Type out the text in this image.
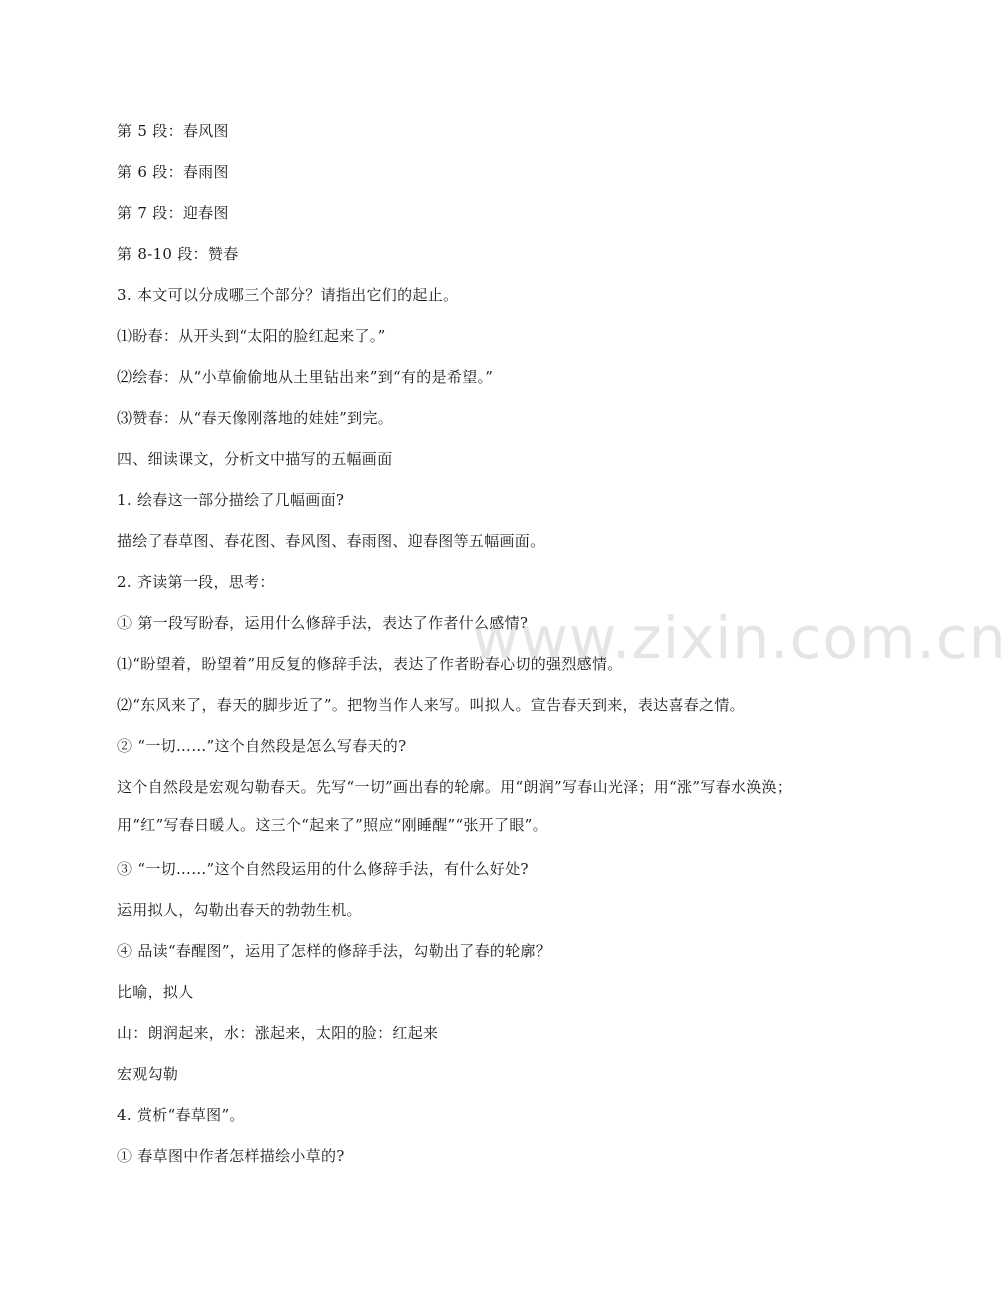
第 5 段：春风图
第 6 段：春雨图
第 7 段：迎春图
第 8-10 段：赞春
3. 本文可以分成哪三个部分？请指出它们的起止。
⑴盼春：从开头到“太阳的脸红起来了。”
⑵绘春：从“小草偷偷地从土里钻出来”到“有的是希望。”
⑶赞春：从“春天像刚落地的娃娃”到完。
四、细读课文，分析文中描写的五幅画面
1. 绘春这一部分描绘了几幅画面?
描绘了春草图、春花图、春风图、春雨图、迎春图等五幅画面。
2. 齐读第一段，思考：
① 第一段写盼春，运用什么修辞手法，表达了作者什么感情?
⑴“盼望着，盼望着”用反复的修辞手法，表达了作者盼春心切的强烈感情。
⑵“东风来了，春天的脚步近了”。把物当作人来写。叫拟人。宣告春天到来，表达喜春之情。
② “一切……”这个自然段是怎么写春天的?
这个自然段是宏观勾勒春天。先写“一切”画出春的轮廓。用“朗润”写春山光泽；用“涨”写春水涣涣；用“红”写春日暖人。这三个“起来了”照应“刚睡醒”“张开了眼”。
③ “一切……”这个自然段运用的什么修辞手法，有什么好处?
运用拟人，勾勒出春天的勃勃生机。
④ 品读“春醒图”，运用了怎样的修辞手法，勾勒出了春的轮廓？
比喻，拟人
山：朗润起来，水：涨起来，太阳的脸：红起来
宏观勾勒
4. 赏析“春草图”。
① 春草图中作者怎样描绘小草的?
www.zixin.com.cn
